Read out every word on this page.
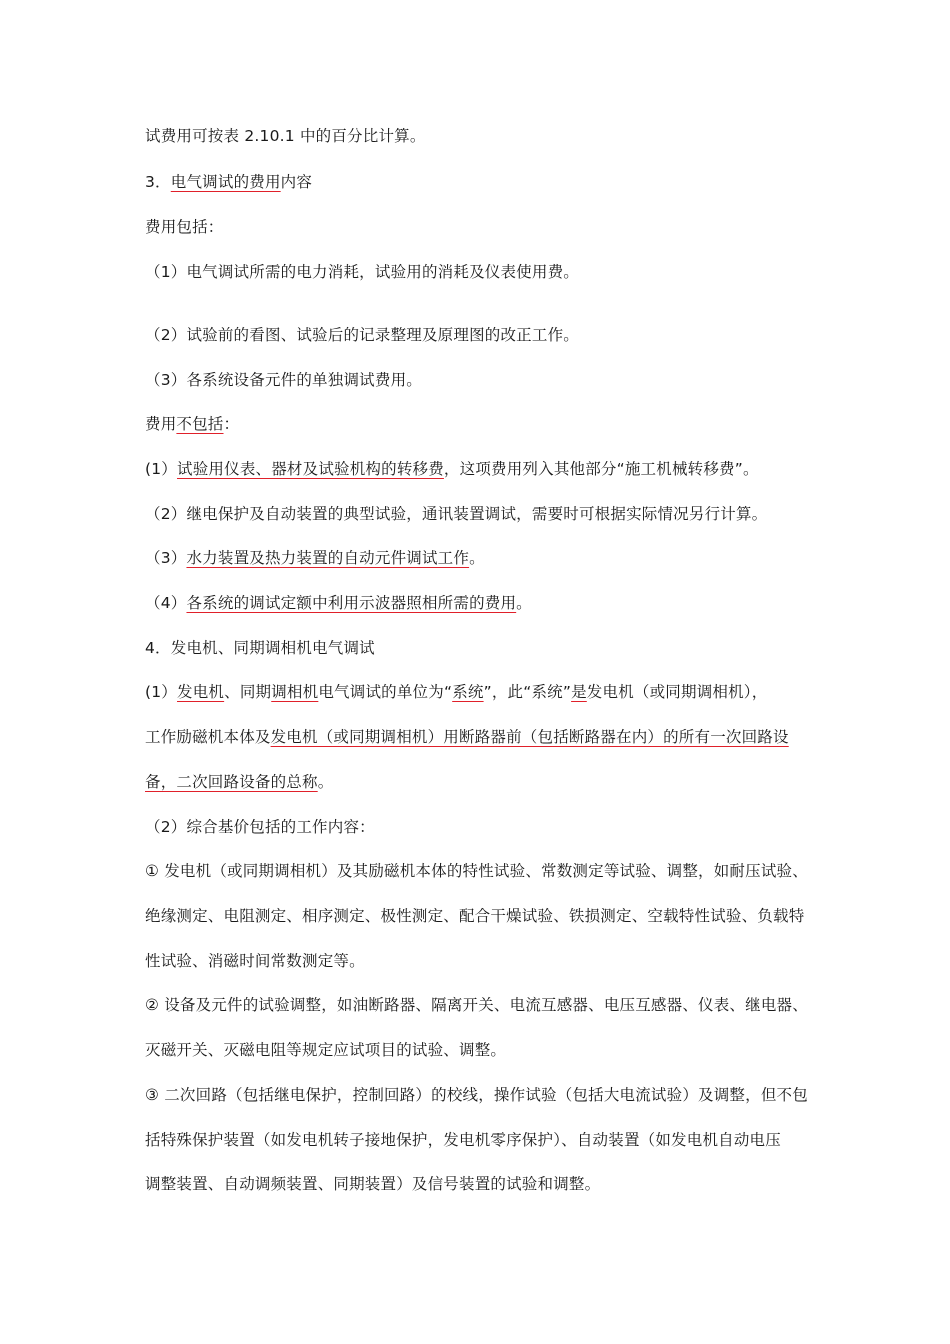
试费用可按表 2.10.1 中的百分比计算。
3．电气调试的费用内容
费用包括：
（1）电气调试所需的电力消耗，试验用的消耗及仪表使用费。
（2）试验前的看图、试验后的记录整理及原理图的改正工作。
（3）各系统设备元件的单独调试费用。
费用不包括：
(1）试验用仪表、器材及试验机构的转移费，这项费用列入其他部分“施工机械转移费”。
（2）继电保护及自动装置的典型试验，通讯装置调试，需要时可根据实际情况另行计算。
（3）水力装置及热力装置的自动元件调试工作。
（4）各系统的调试定额中利用示波器照相所需的费用。
4．发电机、同期调相机电气调试
(1）发电机、同期调相机电气调试的单位为“系统”，此“系统”是发电机（或同期调相机），
工作励磁机本体及发电机（或同期调相机）用断路器前（包括断路器在内）的所有一次回路设
备，二次回路设备的总称。
（2）综合基价包括的工作内容：
① 发电机（或同期调相机）及其励磁机本体的特性试验、常数测定等试验、调整，如耐压试验、
绝缘测定、电阻测定、相序测定、极性测定、配合干燥试验、铁损测定、空载特性试验、负载特
性试验、消磁时间常数测定等。
② 设备及元件的试验调整，如油断路器、隔离开关、电流互感器、电压互感器、仪表、继电器、
灭磁开关、灭磁电阻等规定应试项目的试验、调整。
③ 二次回路（包括继电保护，控制回路）的校线，操作试验（包括大电流试验）及调整，但不包
括特殊保护装置（如发电机转子接地保护，发电机零序保护）、自动装置（如发电机自动电压
调整装置、自动调频装置、同期装置）及信号装置的试验和调整。
